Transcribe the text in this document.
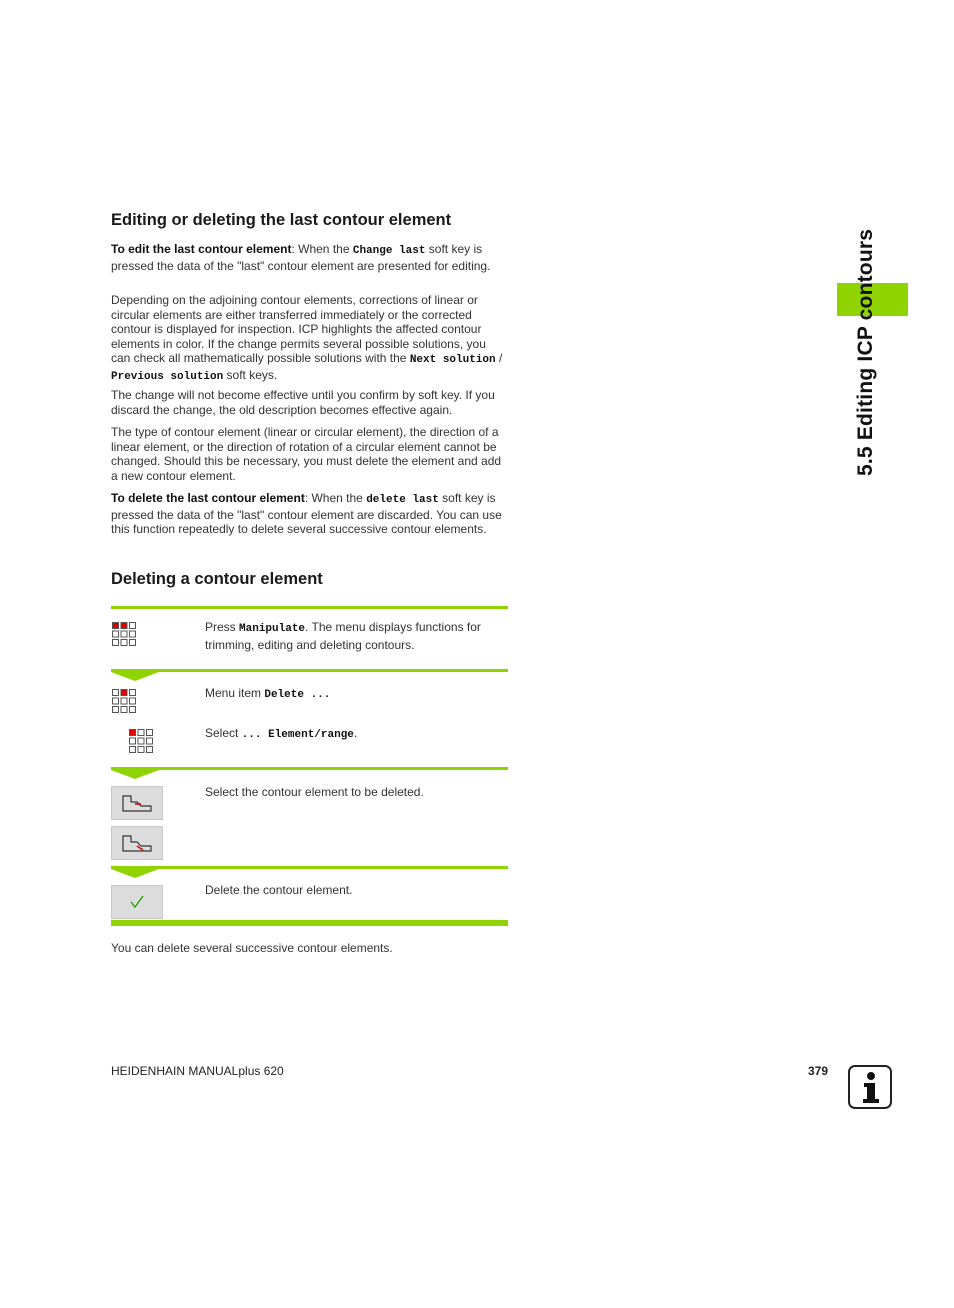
5.5 Editing ICP contours
Editing or deleting the last contour element

To edit the last contour element: When the Change last soft key is pressed the data of the "last" contour element are presented for editing.

Depending on the adjoining contour elements, corrections of linear or circular elements are either transferred immediately or the corrected contour is displayed for inspection. ICP highlights the affected contour elements in color. If the change permits several possible solutions, you can check all mathematically possible solutions with the Next solution / Previous solution soft keys.

The change will not become effective until you confirm by soft key. If you discard the change, the old description becomes effective again.

The type of contour element (linear or circular element), the direction of a linear element, or the direction of rotation of a circular element cannot be changed. Should this be necessary, you must delete the element and add a new contour element.

To delete the last contour element: When the delete last soft key is pressed the data of the "last" contour element are discarded. You can use this function repeatedly to delete several successive contour elements.

Deleting a contour element
Press Manipulate. The menu displays functions for trimming, editing and deleting contours.
Menu item Delete ...
Select ... Element/range.
Select the contour element to be deleted.
Delete the contour element.

You can delete several successive contour elements.

HEIDENHAIN MANUALplus 620	379
